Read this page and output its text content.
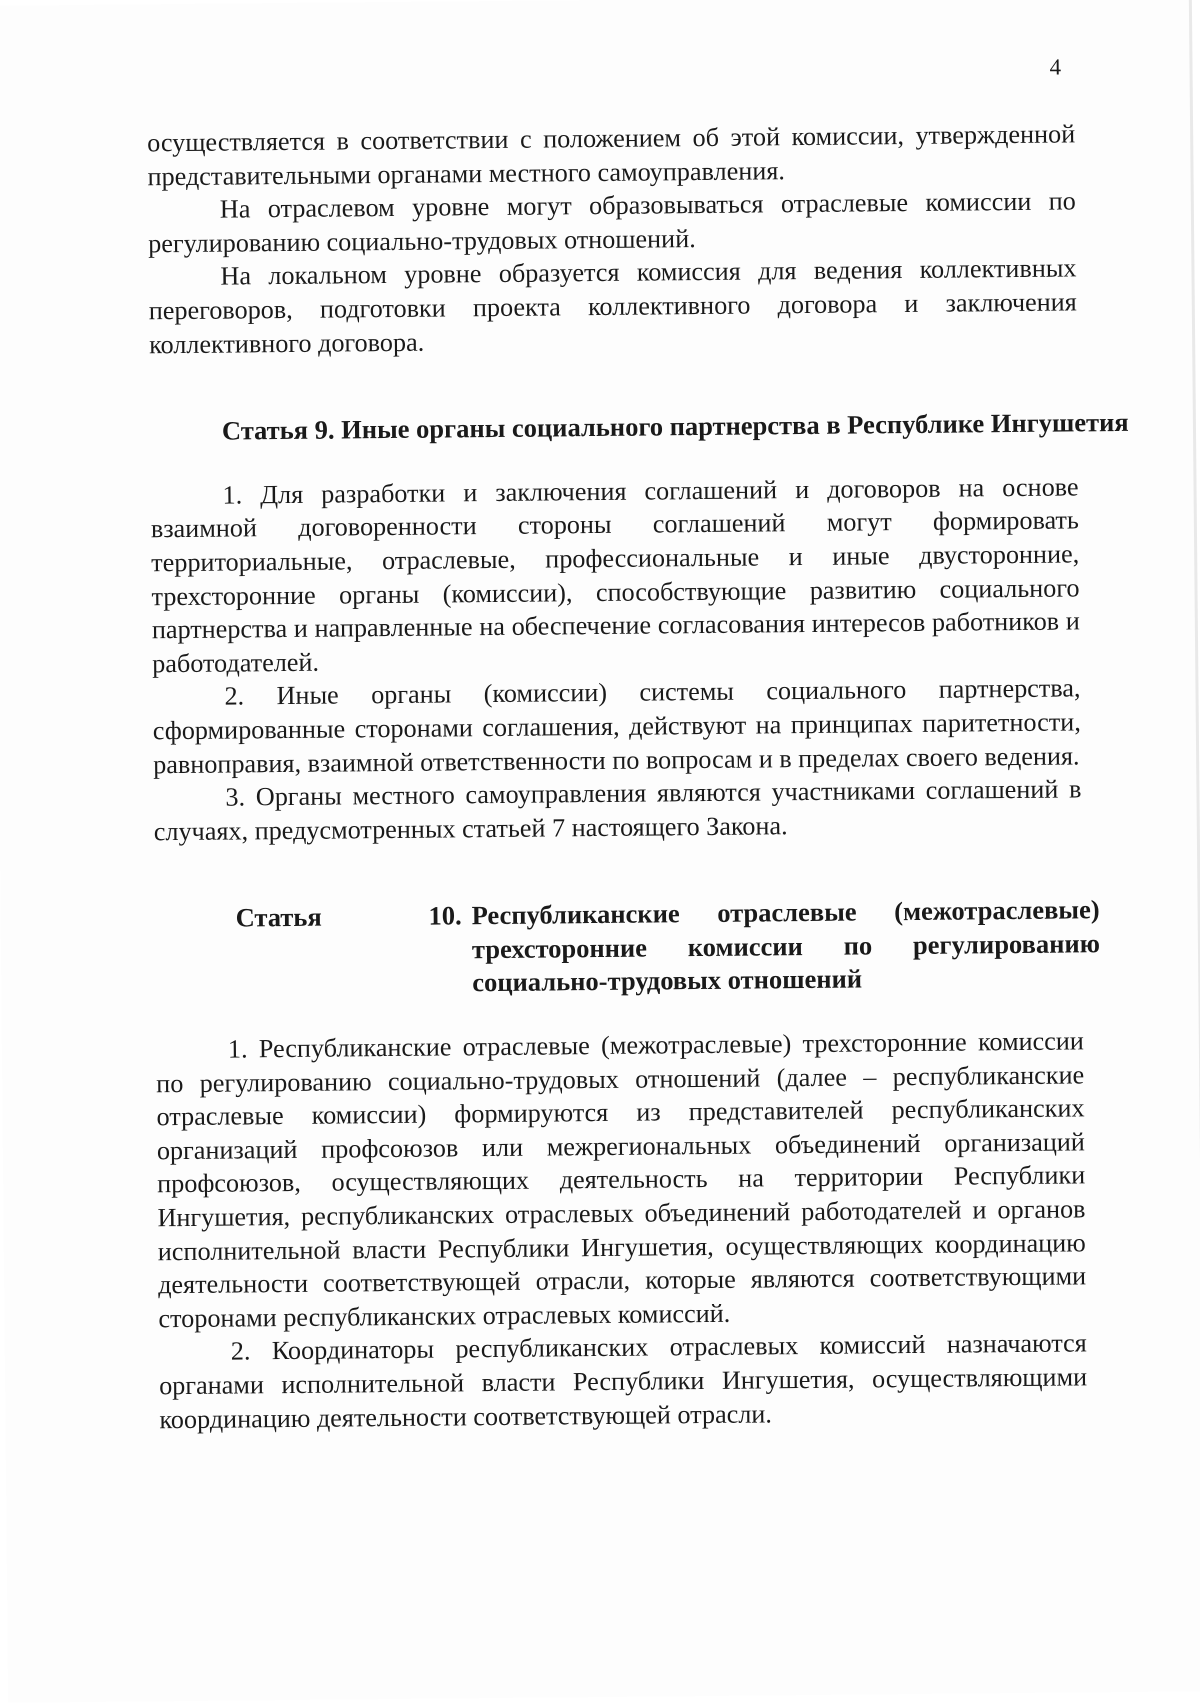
4

осуществляется в соответствии с положением об этой комиссии, утвержденной представительными органами местного самоуправления.

На отраслевом уровне могут образовываться отраслевые комиссии по регулированию социально-трудовых отношений.

На локальном уровне образуется комиссия для ведения коллективных переговоров, подготовки проекта коллективного договора и заключения коллективного договора.

Статья 9. Иные органы социального партнерства в Республике Ингушетия

1. Для разработки и заключения соглашений и договоров на основе взаимной договоренности стороны соглашений могут формировать территориальные, отраслевые, профессиональные и иные двусторонние, трехсторонние органы (комиссии), способствующие развитию социального партнерства и направленные на обеспечение согласования интересов работников и работодателей.

2. Иные органы (комиссии) системы социального партнерства, сформированные сторонами соглашения, действуют на принципах паритетности, равноправия, взаимной ответственности по вопросам и в пределах своего ведения.

3. Органы местного самоуправления являются участниками соглашений в случаях, предусмотренных статьей 7 настоящего Закона.

Статья	10. Республиканские отраслевые (межотраслевые) трехсторонние комиссии по регулированию социально-трудовых отношений

1. Республиканские отраслевые (межотраслевые) трехсторонние комиссии по регулированию социально-трудовых отношений (далее – республиканские отраслевые комиссии) формируются из представителей республиканских организаций профсоюзов или межрегиональных объединений организаций профсоюзов, осуществляющих деятельность на территории Республики Ингушетия, республиканских отраслевых объединений работодателей и органов исполнительной власти Республики Ингушетия, осуществляющих координацию деятельности соответствующей отрасли, которые являются соответствующими сторонами республиканских отраслевых комиссий.

2. Координаторы республиканских отраслевых комиссий назначаются органами исполнительной власти Республики Ингушетия, осуществляющими координацию деятельности соответствующей отрасли.
